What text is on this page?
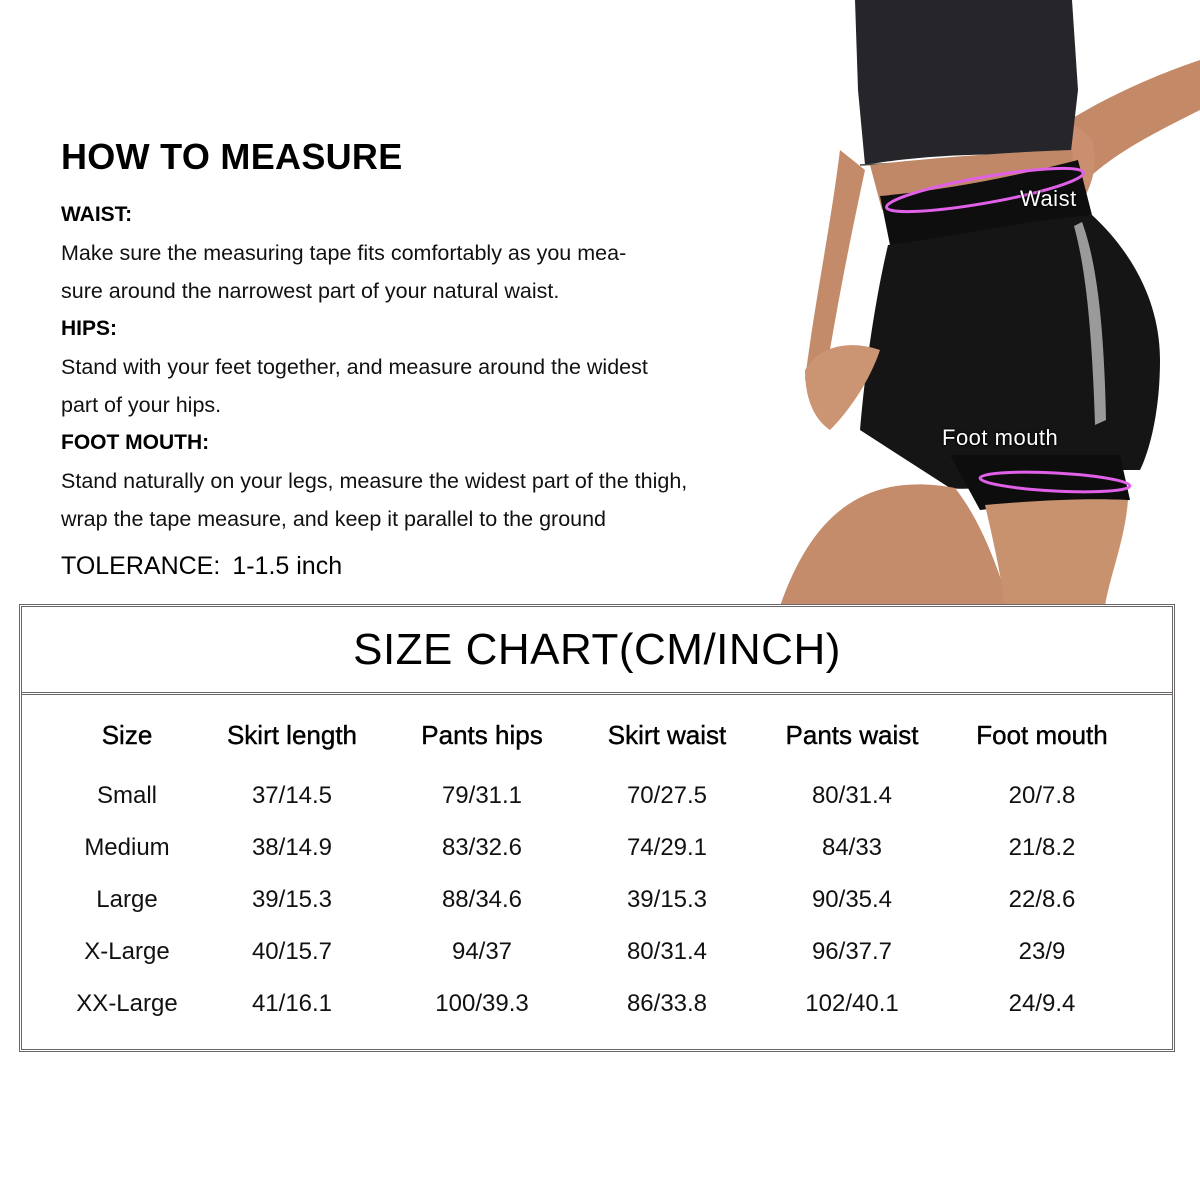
HOW TO MEASURE
WAIST:
Make sure the measuring tape fits comfortably as you mea-
sure around the narrowest part of your natural waist.
HIPS:
Stand with your feet together, and measure around the widest
part of your hips.
FOOT MOUTH:
Stand naturally on your legs, measure the widest part of the thigh,
wrap the tape measure, and keep it parallel to the ground
TOLERANCE: 1-1.5 inch
Waist
Foot mouth
SIZE CHART(CM/INCH)
Size	Skirt length	Pants hips	Skirt waist	Pants waist	Foot mouth
Small	37/14.5	79/31.1	70/27.5	80/31.4	20/7.8
Medium	38/14.9	83/32.6	74/29.1	84/33	21/8.2
Large	39/15.3	88/34.6	39/15.3	90/35.4	22/8.6
X-Large	40/15.7	94/37	80/31.4	96/37.7	23/9
XX-Large	41/16.1	100/39.3	86/33.8	102/40.1	24/9.4
